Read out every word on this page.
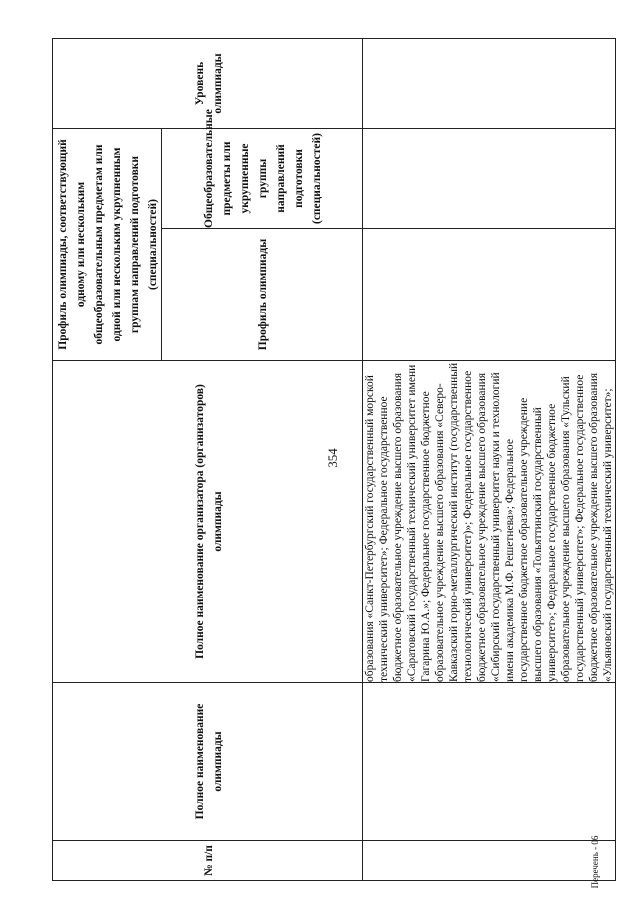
354
№ п/п	Полное наименование олимпиады	Полное наименование организатора (организаторов) олимпиады	Профиль олимпиады, соответствующий одному или нескольким общеобразовательным предметам или одной или нескольким укрупненным группам направлений подготовки (специальностей)		Уровень олимпиады
			Профиль олимпиады	Общеобразовательные предметы или укрупненные группы направлений подготовки (специальностей)	
		образования «Санкт-Петербургский государственный морской технический университет»; Федеральное государственное бюджетное образовательное учреждение высшего образования «Саратовский государственный технический университет имени Гагарина Ю.А.»; Федеральное государственное бюджетное образовательное учреждение высшего образования «Северо-Кавказский горно-металлургический институт (государственный технологический университет)»; Федеральное государственное бюджетное образовательное учреждение высшего образования «Сибирский государственный университет науки и технологий имени академика М.Ф. Решетнева»; Федеральное государственное бюджетное образовательное учреждение высшего образования «Тольяттинский государственный университет»; Федеральное государственное бюджетное образовательное учреждение высшего образования «Тульский государственный университет»; Федеральное государственное бюджетное образовательное учреждение высшего образования «Ульяновский государственный технический университет»;			
Перечень - 06
